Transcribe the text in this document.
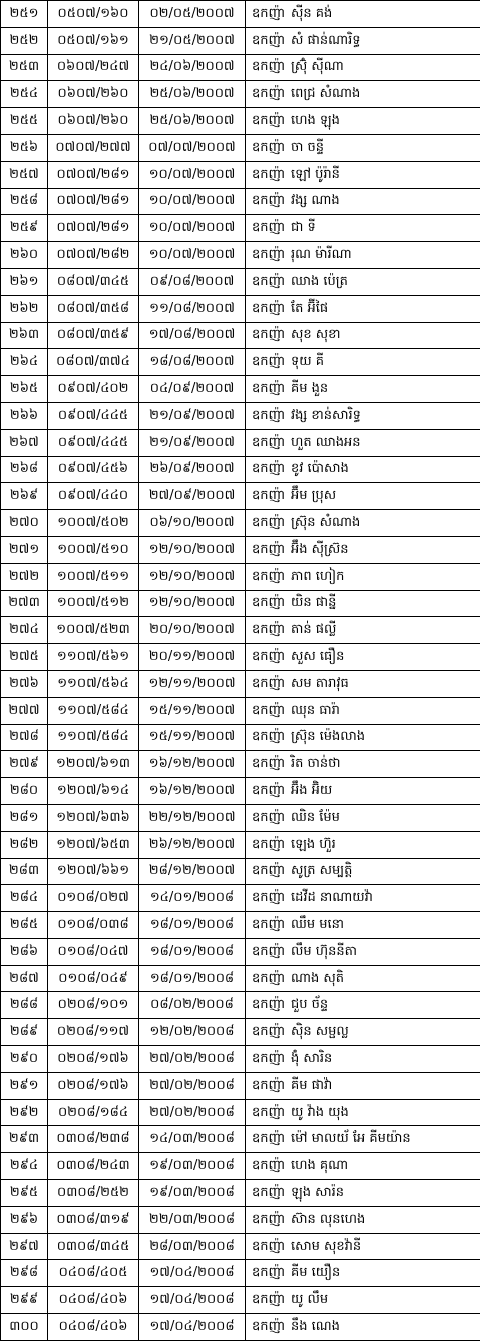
២៥១	០៥០៧/១៦០	០២/០៥/២០០៧	ឧកញ៉ា ស៊ីន គង់
២៥២	០៥០៧/១៦១	២១/០៥/២០០៧	ឧកញ៉ា សំ ផាន់ណារិទ្ធ
២៥៣	០៦០៧/២៤៧	២៤/០៦/២០០៧	ឧកញ៉ា ស្រ៊ុំ ស៊ីណា
២៥៤	០៦០៧/២៦០	២៥/០៦/២០០៧	ឧកញ៉ា ពេជ្រ សំណាង
២៥៥	០៦០៧/២៦០	២៥/០៦/២០០៧	ឧកញ៉ា ហេង ឡុង
២៥៦	០៧០៧/២៧៧	០៧/០៧/២០០៧	ឧកញ៉ា ចា ចន្ទី
២៥៧	០៧០៧/២៨១	១០/០៧/២០០៧	ឧកញ៉ា ឡៅ ប៉ូរ៉ានី
២៥៨	០៧០៧/២៨១	១០/០៧/២០០៧	ឧកញ៉ា វង្ស ណាង
២៥៩	០៧០៧/២៨១	១០/០៧/២០០៧	ឧកញ៉ា ជា ទី
២៦០	០៧០៧/២៨២	១០/០៧/២០០៧	ឧកញ៉ា រុណ ម៉ារីណា
២៦១	០៨០៧/៣៤៥	០៩/០៨/២០០៧	ឧកញ៉ា ឈាង ប៉េត្រ
២៦២	០៨០៧/៣៥៨	១១/០៨/២០០៧	ឧកញ៉ា តែ អ៊ីផៃ
២៦៣	០៨០៧/៣៥៩	១៧/០៨/២០០៧	ឧកញ៉ា សុខ សុខា
២៦៤	០៨០៧/៣៧៤	១៨/០៨/២០០៧	ឧកញ៉ា ទុយ គី
២៦៥	០៩០៧/៤០២	០៤/០៩/២០០៧	ឧកញ៉ា គីម ងួន
២៦៦	០៩០៧/៤៤៥	២១/០៩/២០០៧	ឧកញ៉ា វង្ស ខាន់សារិទ្ធ
២៦៧	០៩០៧/៤៤៥	២១/០៩/២០០៧	ឧកញ៉ា ហួត ឈាងអន
២៦៨	០៩០៧/៤៥៦	២៦/០៩/២០០៧	ឧកញ៉ា ខូវ ប៉ោសាង
២៦៩	០៩០៧/៤៤០	២៧/០៩/២០០៧	ឧកញ៉ា អ៊ឹម ប្រុស
២៧០	១០០៧/៥០២	០៦/១០/២០០៧	ឧកញ៉ា ស្រ៊ុន សំណាង
២៧១	១០០៧/៥១០	១២/១០/២០០៧	ឧកញ៉ា អ៊ឹង ស៊ីស្រ៊ន
២៧២	១០០៧/៥១១	១២/១០/២០០៧	ឧកញ៉ា ភាព ហៀក
២៧៣	១០០៧/៥១២	១២/១០/២០០៧	ឧកញ៉ា យិន ផាន្នី
២៧៤	១០០៧/៥២៣	២០/១០/២០០៧	ឧកញ៉ា តាន់ ផល្លី
២៧៥	១១០៧/៥៦១	២០/១១/២០០៧	ឧកញ៉ា សួស ធឿន
២៧៦	១១០៧/៥៦៤	១២/១១/២០០៧	ឧកញ៉ា សម តារាវុធ
២៧៧	១១០៧/៥៨៤	១៥/១១/២០០៧	ឧកញ៉ា ឈុន ធារ៉ា
២៧៨	១១០៧/៥៨៤	១៥/១១/២០០៧	ឧកញ៉ា ស្រ៊ុន ម៉េងលាង
២៧៩	១២០៧/៦១៣	១៦/១២/២០០៧	ឧកញ៉ា រិត ចាន់ថា
២៨០	១២០៧/៦១៤	១៦/១២/២០០៧	ឧកញ៉ា អ៊ឹង អ៊ិយ
២៨១	១២០៧/៦៣៦	២២/១២/២០០៧	ឧកញ៉ា ឈិន ម៉ែម
២៨២	១២០៧/៦៥៣	២៦/១២/២០០៧	ឧកញ៉ា ឡេង ហ៊ួរ
២៨៣	១២០៧/៦៦១	២៨/១២/២០០៧	ឧកញ៉ា សូត្រ សម្បត្តិ
២៨៤	០១០៨/០២៧	១៤/០១/២០០៨	ឧកញ៉ា ដេវីដ នាណាយវ៉ា
២៨៥	០១០៨/០៣៨	១៨/០១/២០០៨	ឧកញ៉ា ឈឹម មនោ
២៨៦	០១០៨/០៤៧	១៨/០១/២០០៨	ឧកញ៉ា លឹម ហ៊ុននីតា
២៨៧	០១០៨/០៤៩	១៨/០១/២០០៨	ឧកញ៉ា ណាង សុតិ
២៨៨	០២០៨/១០១	០៨/០២/២០០៨	ឧកញ៉ា ជួប ច័ន្ទ
២៨៩	០២០៨/១១៧	១២/០២/២០០៨	ឧកញ៉ា ស៊ិន សម្ផល្ល
២៩០	០២០៨/១៧៦	២៧/០២/២០០៨	ឧកញ៉ា ង៉ុំ សារិន
២៩១	០២០៨/១៧៦	២៧/០២/២០០៨	ឧកញ៉ា គីម ផាវ៉ា
២៩២	០២០៨/១៨៤	២៧/០២/២០០៨	ឧកញ៉ា យូ វ៉ាង យុង
២៩៣	០៣០៨/២៣៨	១៤/០៣/២០០៨	ឧកញ៉ា ម៉ៅ មាលយ័ អែ គីមយ៉ាន
២៩៤	០៣០៨/២៤៣	១៩/០៣/២០០៨	ឧកញ៉ា ហេង គុណា
២៩៥	០៣០៨/២៥២	១៩/០៣/២០០៨	ឧកញ៉ា ឡុង សារ៉ន
២៩៦	០៣០៨/៣១៩	២២/០៣/២០០៨	ឧកញ៉ា ស៊ាន លុនហេង
២៩៧	០៣០៨/៣៤៥	២៨/០៣/២០០៨	ឧកញ៉ា សោម សុខវ៉ានី
២៩៨	០៤០៨/៤០៥	១៧/០៤/២០០៨	ឧកញ៉ា គីម យឿន
២៩៩	០៤០៨/៤០៦	១៧/០៤/២០០៨	ឧកញ៉ា យូ លឹម
៣០០	០៤០៨/៤០៦	១៧/០៤/២០០៨	ឧកញ៉ា នឹង ណេង
